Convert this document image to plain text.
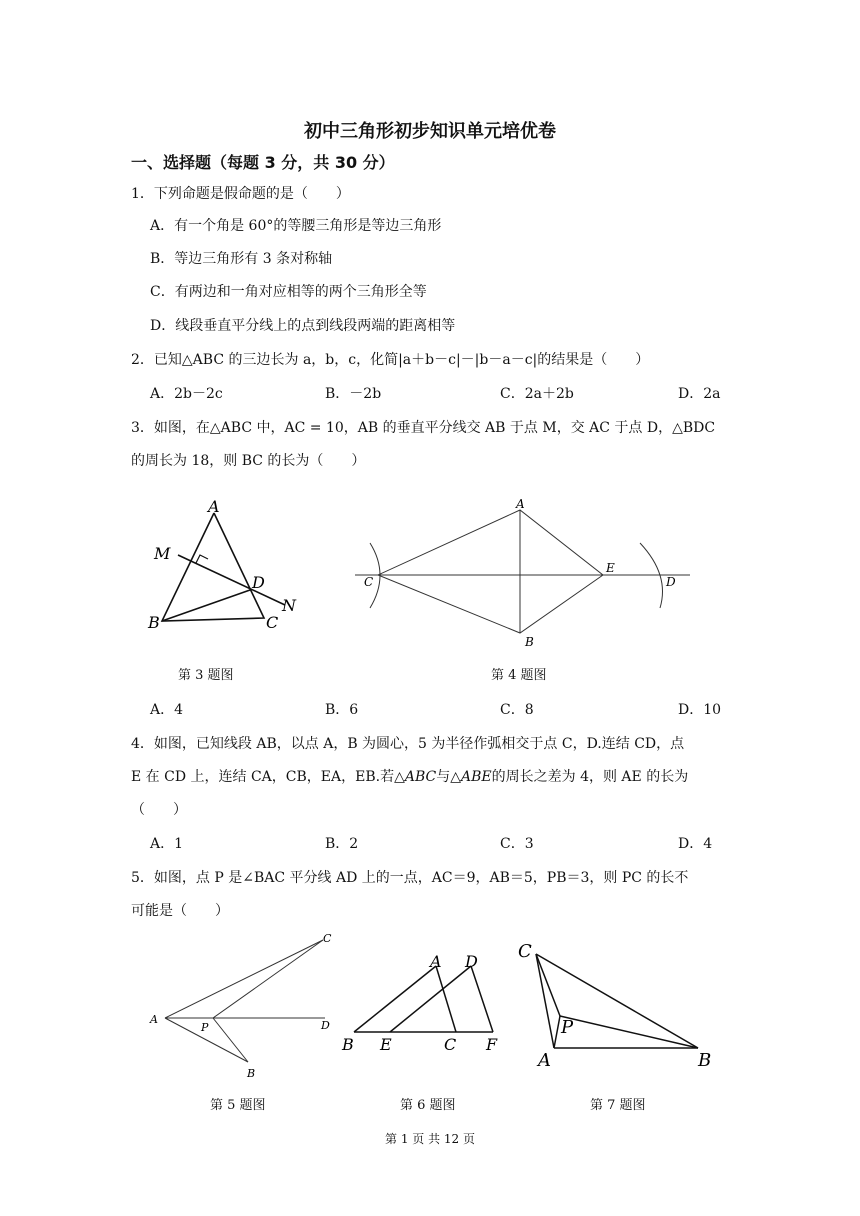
初中三角形初步知识单元培优卷
一、选择题（每题 3 分，共 30 分）
1．下列命题是假命题的是（　　）
A．有一个角是 60°的等腰三角形是等边三角形
B．等边三角形有 3 条对称轴
C．有两边和一角对应相等的两个三角形全等
D．线段垂直平分线上的点到线段两端的距离相等
2．已知△ABC 的三边长为 a，b，c，化简|a＋b－c|－|b－a－c|的结果是（　　）
A．2b－2c	B．－2b	C．2a＋2b	D．2a
3．如图，在△ABC 中，AC = 10，AB 的垂直平分线交 AB 于点 M，交 AC 于点 D，△BDC
的周长为 18，则 BC 的长为（　　）
A
M
D
N
B	C
第 3 题图
A
C
E
D
B
第 4 题图
A．4	B．6	C．8	D．10
4．如图，已知线段 AB，以点 A，B 为圆心，5 为半径作弧相交于点 C，D.连结 CD，点
E 在 CD 上，连结 CA，CB，EA，EB.若△ABC与△ABE的周长之差为 4，则 AE 的长为
（　　）
A．1	B．2	C．3	D．4
5．如图，点 P 是∠BAC 平分线 AD 上的一点，AC＝9，AB＝5，PB＝3，则 PC 的长不
可能是（　　）
C
A
P	D
B
第 5 题图
A D
B E	C F
第 6 题图
C
P
A	B
第 7 题图
第 1 页 共 12 页
